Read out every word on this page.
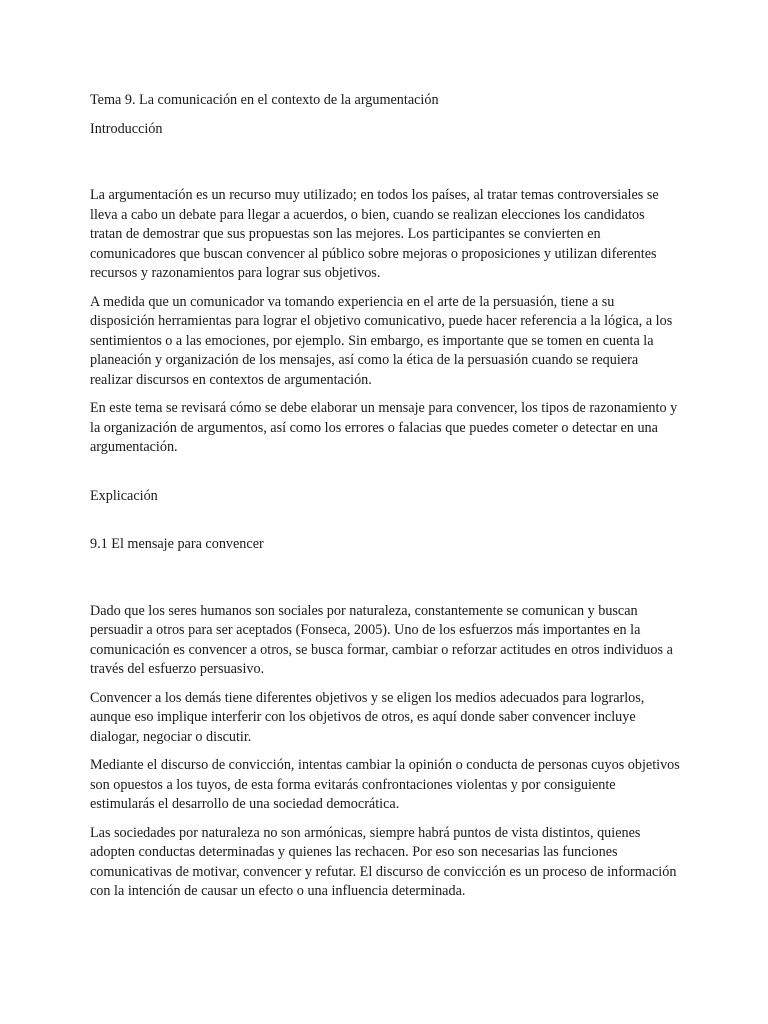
Tema 9. La comunicación en el contexto de la argumentación

Introducción

La argumentación es un recurso muy utilizado; en todos los países, al tratar temas controversiales se lleva a cabo un debate para llegar a acuerdos, o bien, cuando se realizan elecciones los candidatos tratan de demostrar que sus propuestas son las mejores. Los participantes se convierten en comunicadores que buscan convencer al público sobre mejoras o proposiciones y utilizan diferentes recursos y razonamientos para lograr sus objetivos.

A medida que un comunicador va tomando experiencia en el arte de la persuasión, tiene a su disposición herramientas para lograr el objetivo comunicativo, puede hacer referencia a la lógica, a los sentimientos o a las emociones, por ejemplo. Sin embargo, es importante que se tomen en cuenta la planeación y organización de los mensajes, así como la ética de la persuasión cuando se requiera realizar discursos en contextos de argumentación.

En este tema se revisará cómo se debe elaborar un mensaje para convencer, los tipos de razonamiento y la organización de argumentos, así como los errores o falacias que puedes cometer o detectar en una argumentación.

Explicación

9.1 El mensaje para convencer

Dado que los seres humanos son sociales por naturaleza, constantemente se comunican y buscan persuadir a otros para ser aceptados (Fonseca, 2005). Uno de los esfuerzos más importantes en la comunicación es convencer a otros, se busca formar, cambiar o reforzar actitudes en otros individuos a través del esfuerzo persuasivo.

Convencer a los demás tiene diferentes objetivos y se eligen los medios adecuados para lograrlos, aunque eso implique interferir con los objetivos de otros, es aquí donde saber convencer incluye dialogar, negociar o discutir.

Mediante el discurso de convicción, intentas cambiar la opinión o conducta de personas cuyos objetivos son opuestos a los tuyos, de esta forma evitarás confrontaciones violentas y por consiguiente estimularás el desarrollo de una sociedad democrática.

Las sociedades por naturaleza no son armónicas, siempre habrá puntos de vista distintos, quienes adopten conductas determinadas y quienes las rechacen. Por eso son necesarias las funciones comunicativas de motivar, convencer y refutar. El discurso de convicción es un proceso de información con la intención de causar un efecto o una influencia determinada.
